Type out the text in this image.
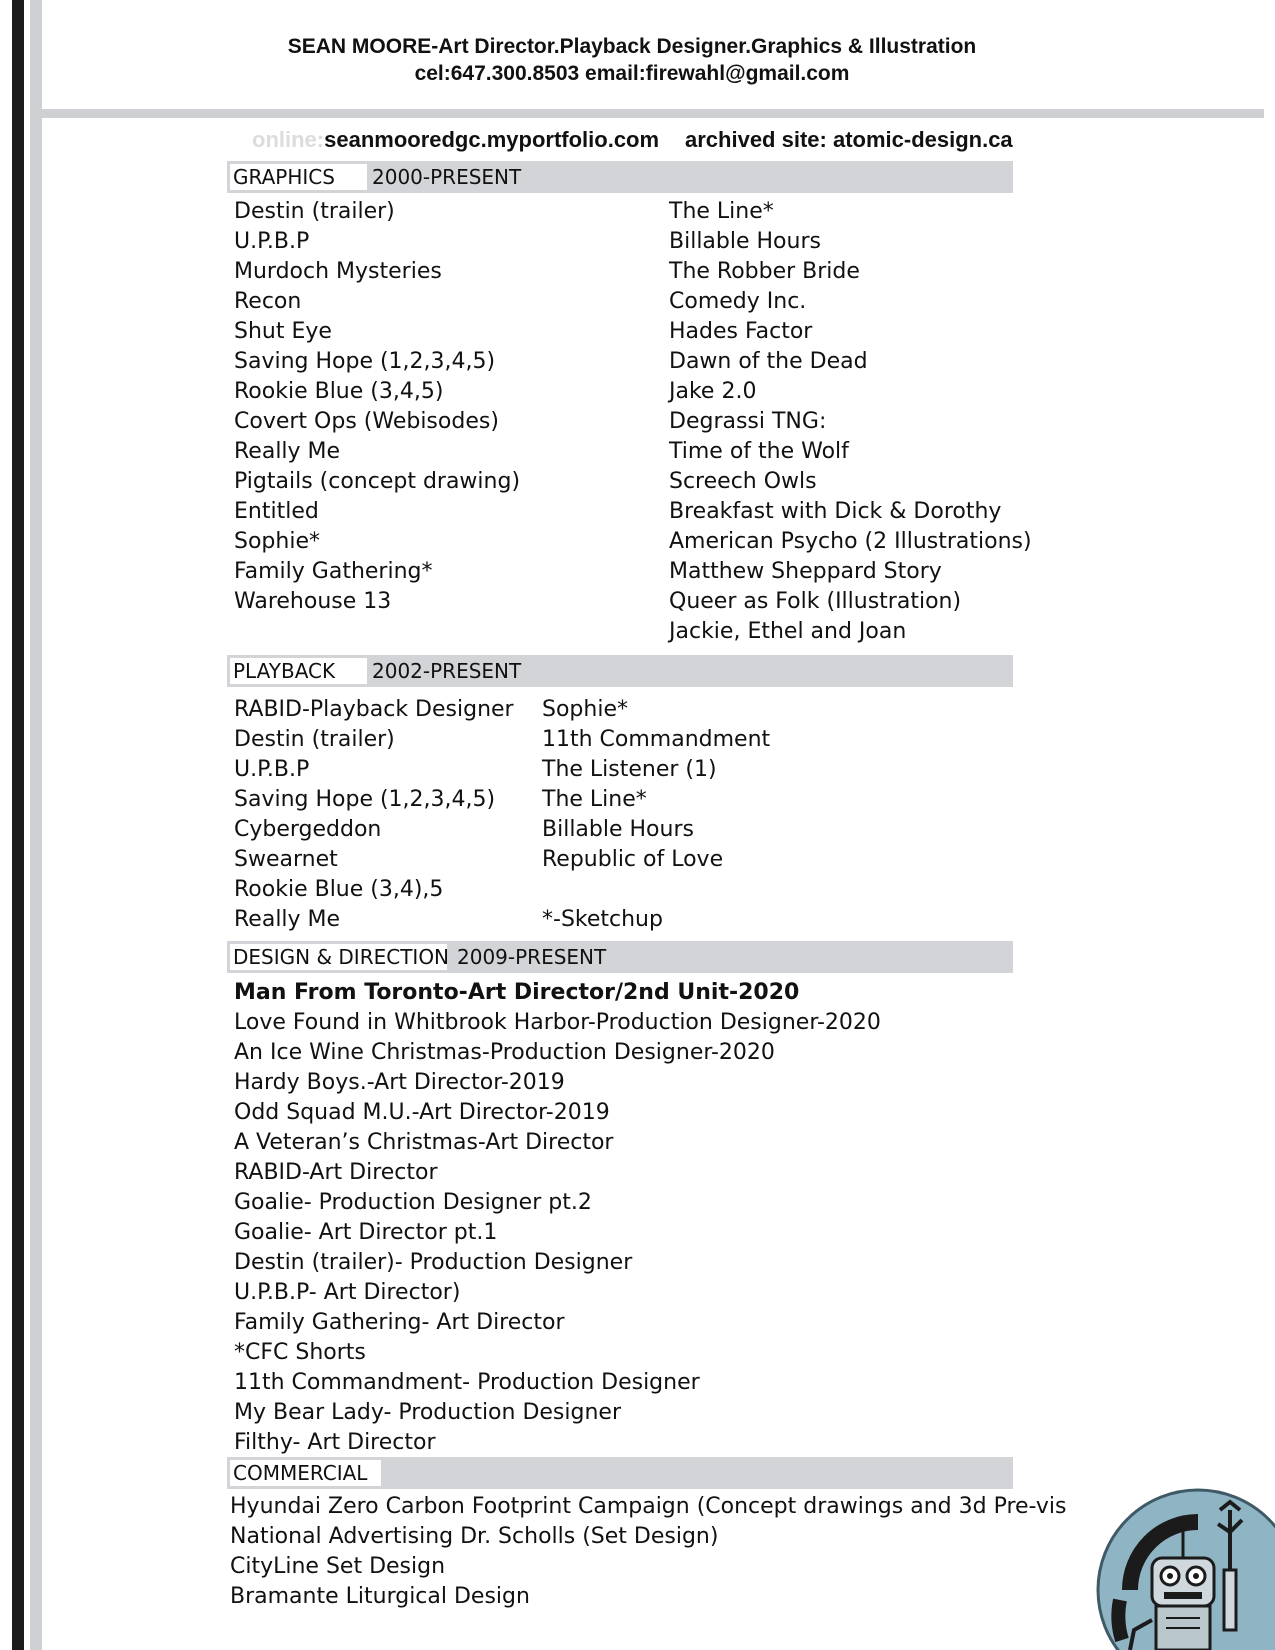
SEAN MOORE-Art Director.Playback Designer.Graphics & Illustration
cel:647.300.8503 email:firewahl@gmail.com
online:seanmooredgc.myportfolio.com archived site: atomic-design.ca
GRAPHICS	2000-PRESENT
Destin (trailer)
U.P.B.P
Murdoch Mysteries
Recon
Shut Eye
Saving Hope (1,2,3,4,5)
Rookie Blue (3,4,5)
Covert Ops (Webisodes)
Really Me
Pigtails (concept drawing)
Entitled
Sophie*
Family Gathering*
Warehouse 13
The Line*
Billable Hours
The Robber Bride
Comedy Inc.
Hades Factor
Dawn of the Dead
Jake 2.0
Degrassi TNG:
Time of the Wolf
Screech Owls
Breakfast with Dick & Dorothy
American Psycho (2 Illustrations)
Matthew Sheppard Story
Queer as Folk (Illustration)
Jackie, Ethel and Joan
PLAYBACK	2002-PRESENT
RABID-Playback Designer
Destin (trailer)
U.P.B.P
Saving Hope (1,2,3,4,5)
Cybergeddon
Swearnet
Rookie Blue (3,4),5
Really Me
Sophie*
11th Commandment
The Listener (1)
The Line*
Billable Hours
Republic of Love
*-Sketchup
DESIGN & DIRECTION 2009-PRESENT
Man From Toronto-Art Director/2nd Unit-2020
Love Found in Whitbrook Harbor-Production Designer-2020
An Ice Wine Christmas-Production Designer-2020
Hardy Boys.-Art Director-2019
Odd Squad M.U.-Art Director-2019
A Veteran’s Christmas-Art Director
RABID-Art Director
Goalie- Production Designer pt.2
Goalie- Art Director pt.1
Destin (trailer)- Production Designer
U.P.B.P- Art Director)
Family Gathering- Art Director
*CFC Shorts
11th Commandment- Production Designer
My Bear Lady- Production Designer
Filthy- Art Director
COMMERCIAL
Hyundai Zero Carbon Footprint Campaign (Concept drawings and 3d Pre-vis
National Advertising Dr. Scholls (Set Design)
CityLine Set Design
Bramante Liturgical Design
